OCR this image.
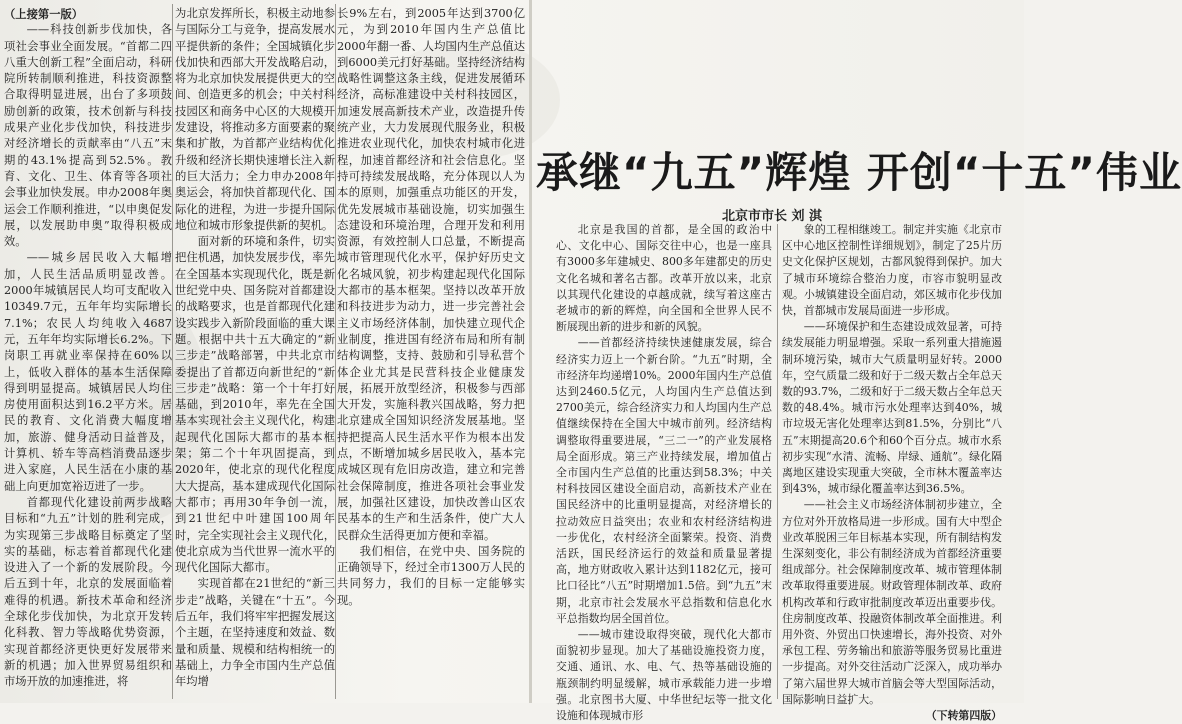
（上接第一版）

——科技创新步伐加快，各项社会事业全面发展。“首都二四八重大创新工程”全面启动，科研院所转制顺利推进，科技资源整合取得明显进展，出台了多项鼓励创新的政策，技术创新与科技成果产业化步伐加快，科技进步对经济增长的贡献率由“八五”末期的43.1%提高到52.5%。教育、文化、卫生、体育等各项社会事业加快发展。申办2008年奥运会工作顺利推进，“以申奥促发展，以发展助申奥”取得积极成效。

——城乡居民收入大幅增加，人民生活品质明显改善。2000年城镇居民人均可支配收入10349.7元，五年年均实际增长7.1%；农民人均纯收入4687元，五年年均实际增长6.2%。下岗职工再就业率保持在60%以上，低收入群体的基本生活保障得到明显提高。城镇居民人均住房使用面积达到16.2平方米。居民的教育、文化消费大幅度增加，旅游、健身活动日益普及，计算机、轿车等高档消费品逐步进入家庭，人民生活在小康的基础上向更加宽裕迈进了一步。

首都现代化建设前两步战略目标和“九五”计划的胜利完成，为实现第三步战略目标奠定了坚实的基础，标志着首都现代化建设进入了一个新的发展阶段。今后五到十年，北京的发展面临着难得的机遇。新技术革命和经济全球化步伐加快，为北京开发转化科教、智力等战略优势资源，实现首都经济更快更好发展带来新的机遇；加入世界贸易组织和市场开放的加速推进，将

为北京发挥所长，积极主动地参与国际分工与竞争，提高发展水平提供新的条件；全国城镇化步伐加快和西部大开发战略启动，将为北京加快发展提供更大的空间、创造更多的机会；中关村科技园区和商务中心区的大规模开发建设，将推动多方面要素的聚集和扩散，为首都产业结构优化升级和经济长期快速增长注入新的巨大活力；全力申办2008年奥运会，将加快首都现代化、国际化的进程，为进一步提升国际地位和城市形象提供新的契机。

面对新的环境和条件，切实把住机遇，加快发展步伐，率先在全国基本实现现代化，既是新世纪党中央、国务院对首都建设的战略要求，也是首都现代化建设实践步入新阶段面临的重大课题。根据中共十五大确定的“新三步走”战略部署，中共北京市委提出了首都迈向新世纪的“新三步走”战略：第一个十年打好基础，到2010年，率先在全国基本实现社会主义现代化，构建起现代化国际大都市的基本框架；第二个十年巩固提高，到2020年，使北京的现代化程度大大提高，基本建成现代化国际大都市；再用30年争创一流，到21世纪中叶建国100周年时，完全实现社会主义现代化，使北京成为当代世界一流水平的现代化国际大都市。

实现首都在21世纪的“新三步走”战略，关键在“十五”。今后五年，我们将牢牢把握发展这个主题，在坚持速度和效益、数量和质量、规模和结构相统一的基础上，力争全市国内生产总值年均增

长9%左右，到2005年达到3700亿元，为到2010年国内生产总值比2000年翻一番、人均国内生产总值达到6000美元打好基础。坚持经济结构战略性调整这条主线，促进发展循环经济，高标准建设中关村科技园区，加速发展高新技术产业，改造提升传统产业，大力发展现代服务业，积极推进农业现代化，加快农村城市化进程，加速首都经济和社会信息化。坚持可持续发展战略，充分体现以人为本的原则，加强重点功能区的开发，优先发展城市基础设施，切实加强生态建设和环境治理，合理开发和利用资源，有效控制人口总量，不断提高城市管理现代化水平，保护好历史文化名城风貌，初步构建起现代化国际大都市的基本框架。坚持以改革开放和科技进步为动力，进一步完善社会主义市场经济体制，加快建立现代企业制度，推进国有经济布局和所有制结构调整，支持、鼓励和引导私营个体企业尤其是民营科技企业健康发展，拓展开放型经济，积极参与西部大开发，实施科教兴国战略，努力把北京建成全国知识经济发展基地。坚持把提高人民生活水平作为根本出发点，不断增加城乡居民收入，基本完成城区现有危旧房改造，建立和完善社会保障制度，推进各项社会事业发展，加强社区建设，加快改善山区农民基本的生产和生活条件，使广大人民群众生活得更加方便和幸福。

我们相信，在党中央、国务院的正确领导下，经过全市1300万人民的共同努力，我们的目标一定能够实现。

承继“九五”辉煌 开创“十五”伟业
北京市市长 刘 淇

北京是我国的首都，是全国的政治中心、文化中心、国际交往中心，也是一座具有3000多年建城史、800多年建都史的历史文化名城和著名古都。改革开放以来，北京以其现代化建设的卓越成就，续写着这座古老城市的新的辉煌，向全国和全世界人民不断展现出新的进步和新的风貌。

——首都经济持续快速健康发展，综合经济实力迈上一个新台阶。“九五”时期，全市经济年均递增10%。2000年国内生产总值达到2460.5亿元，人均国内生产总值达到2700美元，综合经济实力和人均国内生产总值继续保持在全国大中城市前列。经济结构调整取得重要进展，“三二一”的产业发展格局全面形成。第三产业持续发展，增加值占全市国内生产总值的比重达到58.3%；中关村科技园区建设全面启动，高新技术产业在国民经济中的比重明显提高，对经济增长的拉动效应日益突出；农业和农村经济结构进一步优化，农村经济全面繁荣。投资、消费活跃，国民经济运行的效益和质量显著提高，地方财政收入累计达到1182亿元，接可比口径比“八五”时期增加1.5倍。到“九五”末期，北京市社会发展水平总指数和信息化水平总指数均居全国首位。

——城市建设取得突破，现代化大都市面貌初步显现。加大了基础设施投资力度，交通、通讯、水、电、气、热等基础设施的瓶颈制约明显缓解，城市承载能力进一步增强。北京图书大厦、中华世纪坛等一批文化设施和体现城市形

象的工程相继竣工。制定并实施《北京市区中心地区控制性详细规划》，制定了25片历史文化保护区规划，古都风貌得到保护。加大了城市环境综合整治力度，市容市貌明显改观。小城镇建设全面启动，郊区城市化步伐加快，首都城市发展局面进一步形成。

——环境保护和生态建设成效显著，可持续发展能力明显增强。采取一系列重大措施遏制环境污染，城市大气质量明显好转。2000年，空气质量二级和好于二级天数占全年总天数的93.7%，二级和好于二级天数占全年总天数的48.4%。城市污水处理率达到40%，城市垃圾无害化处理率达到81.5%，分别比“八五”末期提高20.6个和60个百分点。城市水系初步实现“水清、流畅、岸绿、通航”。绿化隔离地区建设实现重大突破，全市林木覆盖率达到43%，城市绿化覆盖率达到36.5%。

——社会主义市场经济体制初步建立，全方位对外开放格局进一步形成。国有大中型企业改革脱困三年目标基本实现，所有制结构发生深刻变化，非公有制经济成为首都经济重要组成部分。社会保障制度改革、城市管理体制改革取得重要进展。财政管理体制改革、政府机构改革和行政审批制度改革迈出重要步伐。住房制度改革、投融资体制改革全面推进。利用外资、外贸出口快速增长，海外投资、对外承包工程、劳务输出和旅游等服务贸易比重进一步提高。对外交往活动广泛深入，成功举办了第六届世界大城市首脑会等大型国际活动，国际影响日益扩大。

（下转第四版）
